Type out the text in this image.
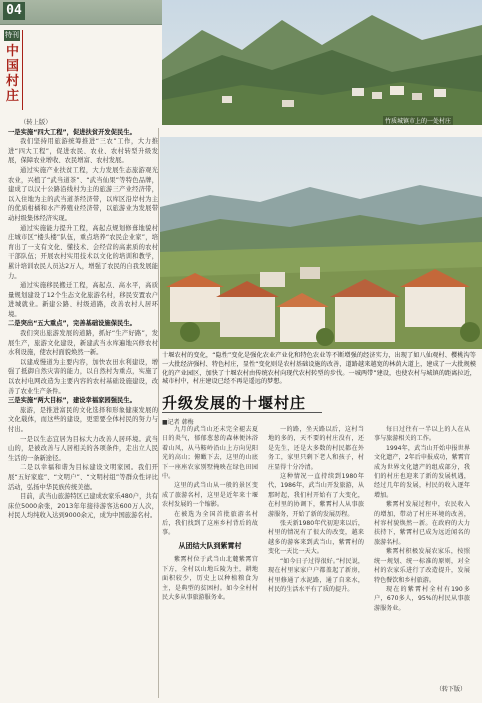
04
竹质城镇市上的一处村庄
特刊
中国村庄

（转上版）

一是实施“四大工程”，促进扶贫开发促民生。

我们坚持用旅游统筹推进“三农”工作，大力推进“四大工程”，促进农民、农业、农村转型升级发展，保障农业增收、农民增富、农村发展。

通过实施产业扶贫工程，大力发展生态旅游观光农业，兴植了“武当道茶”、“武当仙果”等特色品牌，建成了以汉十公路沿线村为主的旅游三产业经济带，以入住地为主的武当道茶经济带，以库区沿岸村为主的优质柑橘和水产养殖业经济带，以旅游业为发展带动村级集体经济实现。

通过实施能力提升工程，高起点规划修葺地貌村庄城市区“楼头楼”队伍，重点培养“农民企业家”，培育出了一支有文化、懂技术、会经营的高素质的农村干部队伍；开展农村实用技术以文化的培训和教学，累计培训农民人员达2万人，增强了农民的自我发展能力。

通过实施移民搬迁工程，高起点、高水平，高质量规划建设了12个生态文化旅游名村，移民安置农户进城就业。新建公路、村级道路，改善农村人居环境。

二是突出“五大重点”，完善基础设施保民生。

我们突出旅游发展的道路，抓好“生产好路”，发展生产，旅游文化建设，新建武当水库遍地兴修农村水利设施，使农村面貌焕然一新。

以建成慢道为主要内容，加快农田水利建设，增强了抵御自然灾害的能力，以自然村为重点，实施了以农村电网改造为主要内容的农村基础设施建设，改善了农业生产条件。

三是实施“两大目标”，建设幸福家园强民生。

旅游，是推进富民的文化选择和形象健康发展的文化载体，而这些的建设，更需要全体村民的努力与付出。

一是以生态宜居为目标大力改善人居环境。武当山的，是被改善与人居相关的各项条件，走出立人民生活的一条新途径。

二是以幸福和谐为目标建设文明家园。我们开展“五好家庭”、“文明户”、“文明村组”等群众性评比活动，弘扬中华民族传统美德。

目前，武当山旅游特区已建成农家乐480户，共有床位5000余张，2013年年接待游客达600万人次，村民人均纯收入达到9000余元，成为中国旅游名村。

十堰农村的变化，“隐性”变化是强化农业产业化和特色农业等不断增强的经济实力，出现了如八仙观村、樱桃沟等一大批经济强村、特色村庄，显性“变化则是农村基础设施的改善，道路越来越宽的林荫大道上，建成了一大批规模化的产业园区，加快了十堰农村由传统农村向现代农村转型的步伐。一城两带”建设，也使农村与城镇的距离拉近，城市村中，村庄建设已经不再是遥远的梦想。
升级发展的十堰村庄
■记者 韩梅

九月的武当山还未完全褪去夏日的炎气，郁郁葱葱的森林便沐浴着山风，从马鞍岭沿山上方向见阳光的高山；俯瞰下去，这里的山底下一座座农家别墅掩映在绿色田园中。

这里的武当山从一般的景区变成了旅游名村，这里是近年来十堰农村发展的一个缩影。

在被选为全国首批旅游名村后，我们找到了这座乡村背后的故事。

从团结大队到紫霄村

紫霄村位于武当山北麓紫霄宫下方，全村以山地丘陵为主，耕地面积较少，历史上以种植粮食为主，是典型的贫困村。如今全村村民大多从事旅游服务业。

一的路，坐天路以后，这村当地的多的，天不要的村庄没有，还是先生，还是大多数的村民都在外务工，家里只剩下老人和孩子，村庄显得十分冷清。

这种情况一直持续到1980年代，1986年，武当山开发旅游，从那时起，我们村开始有了大变化，在村里的协调下，紫霄村人从事旅游服务，开始了新的发展历程。

张天新1980年代初迎来以后，村里的情况有了很大的改变，越来越多的游客来到武当山，紫霄村的变化一天比一天大。

“如今日子过得很好。”村民说，现在村里家家户户都盖起了新房，村里修通了水泥路，通了自来水，村民的生活水平有了质的提升。

每日过往有一半以上的人在从事与旅游相关的工作。

1994年，武当山开始申报世界文化遗产，2年后申报成功，紫霄宫成为世界文化遗产的组成部分，我们的村庄也迎来了新的发展机遇，经过几年的发展，村民的收入逐年增加。

紫霄村发展过程中，农民收入的增加，带动了村庄环境的改善，村容村貌焕然一新。在政府的大力扶持下，紫霄村已成为远近闻名的旅游名村。

紫霄村积极发展农家乐，按照统一规划、统一标准的原则，对全村的农家乐进行了改造提升，发展特色餐饮和乡村旅游。

现在的紫霄村全村有190多户，670多人，95%的村民从事旅游服务业。

（转下版）
